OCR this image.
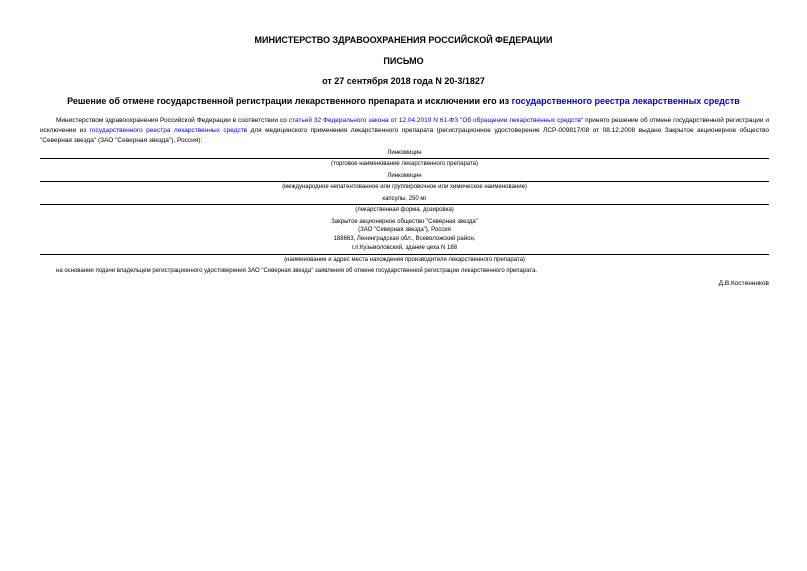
МИНИСТЕРСТВО ЗДРАВООХРАНЕНИЯ РОССИЙСКОЙ ФЕДЕРАЦИИ
ПИСЬМО
от 27 сентября 2018 года N 20-3/1827
Решение об отмене государственной регистрации лекарственного препарата и исключении его из государственного реестра лекарственных средств
Министерством здравоохранения Российской Федерации в соответствии со статьей 32 Федерального закона от 12.04.2010 N 61-ФЗ "Об обращении лекарственных средств" принято решение об отмене государственной регистрации и исключении из государственного реестра лекарственных средств для медицинского применения лекарственного препарата (регистрационное удостоверение ЛСР-009817/08 от 08.12.2008 выдано Закрытое акционерное общество "Северная звезда" (ЗАО "Северная звезда"), Россия):
Линкомицин
(торговое наименование лекарственного препарата)
Линкомицин
(международное непатентованное или группировочное или химическое наименование)
капсулы, 250 мг
(лекарственная форма, дозировка)
Закрытое акционерное общество "Северная звезда"
(ЗАО "Северная звезда"), Россия
188663, Ленинградская обл., Всеволожский район,
г.п.Кузьмоловский, здание цеха N 188
(наименование и адрес места нахождения производителя лекарственного препарата)
на основании подачи владельцем регистрационного удостоверения ЗАО "Северная звезда" заявления об отмене государственной регистрации лекарственного препарата.
Д.В.Костенников
